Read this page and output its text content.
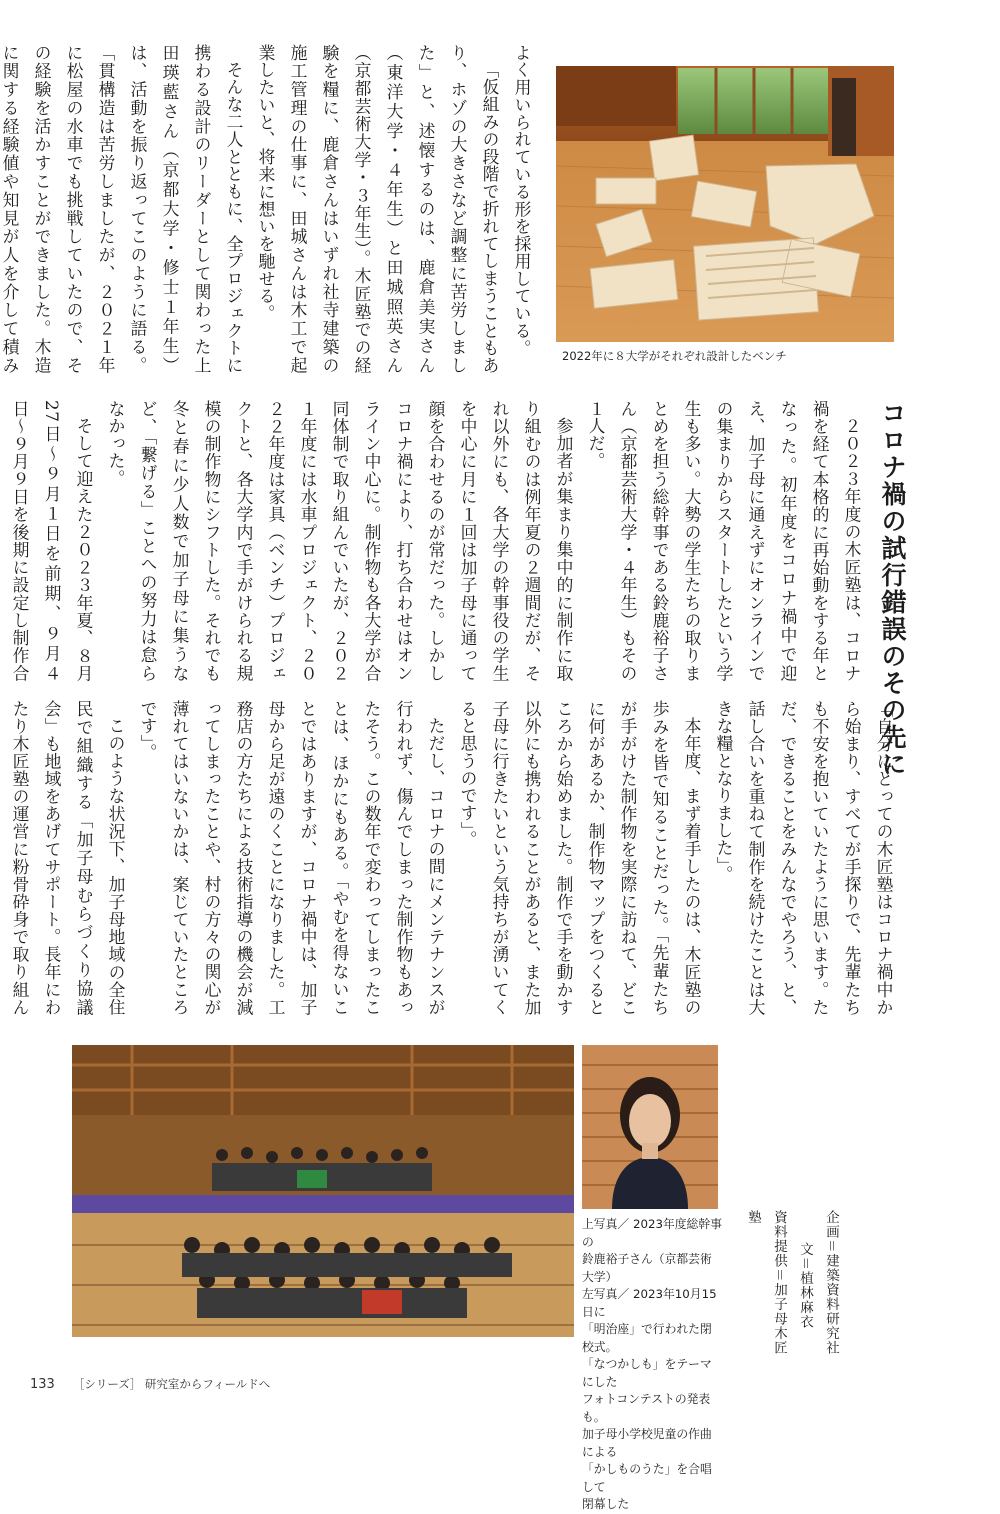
よく用いられている形を採用している。

「仮組みの段階で折れてしまうこともあり、ホゾの大きさなど調整に苦労しました」と、述懐するのは、鹿倉美実さん（東洋大学・４年生）と田城照英さん（京都芸術大学・３年生）。木匠塾での経験を糧に、鹿倉さんはいずれ社寺建築の施工管理の仕事に、田城さんは木工で起業したいと、将来に想いを馳せる。

そんな二人とともに、全プロジェクトに携わる設計のリーダーとして関わった上田瑛藍さん（京都大学・修士１年生）は、活動を振り返ってこのように語る。「貫構造は苦労しましたが、２０２１年に松屋の水車でも挑戦していたので、その経験を活かすことができました。木造に関する経験値や知見が人を介して積み

2022年に８大学がそれぞれ設計したベンチ
コロナ禍の試行錯誤のその先に

２０２３年度の木匠塾は、コロナ禍を経て本格的に再始動をする年となった。初年度をコロナ禍中で迎え、加子母に通えずにオンラインでの集まりからスタートしたという学生も多い。大勢の学生たちの取りまとめを担う総幹事である鈴鹿裕子さん（京都芸術大学・４年生）もその１人だ。

参加者が集まり集中的に制作に取り組むのは例年夏の２週間だが、それ以外にも、各大学の幹事役の学生を中心に月に１回は加子母に通って顔を合わせるのが常だった。しかしコロナ禍により、打ち合わせはオンライン中心に。制作物も各大学が合同体制で取り組んでいたが、２０２１年度には水車プロジェクト、２０２２年度は家具（ベンチ）プロジェクトと、各大学内で手がけられる規模の制作物にシフトした。それでも冬と春に少人数で加子母に集うなど、「繋げる」ことへの努力は怠らなかった。

そして迎えた２０２３年夏、８月27日〜９月１日を前期、９月４日〜９月９日を後期に設定し制作合

「自分にとっての木匠塾はコロナ禍中から始まり、すべてが手探りで、先輩たちも不安を抱いていたように思います。ただ、できることをみんなでやろう、と、話し合いを重ねて制作を続けたことは大きな糧となりました」。

本年度、まず着手したのは、木匠塾の歩みを皆で知ることだった。「先輩たちが手がけた制作物を実際に訪ねて、どこに何があるか、制作物マップをつくるところから始めました。制作で手を動かす以外にも携われることがあると、また加子母に行きたいという気持ちが湧いてくると思うのです」。

ただし、コロナの間にメンテナンスが行われず、傷んでしまった制作物もあったそう。この数年で変わってしまったことは、ほかにもある。「やむを得ないことではありますが、コロナ禍中は、加子母から足が遠のくことになりました。工務店の方たちによる技術指導の機会が減ってしまったことや、村の方々の関心が薄れてはいないかは、案じていたところです」。

このような状況下、加子母地域の全住民で組織する「加子母むらづくり協議会」も地域をあげてサポート。長年にわたり木匠塾の運営に粉骨砕身で取り組ん

上写真／ 2023年度総幹事の
鈴鹿裕子さん（京都芸術大学）
左写真／ 2023年10月15日に
「明治座」で行われた閉校式。
「なつかしも」をテーマにした
フォトコンテストの発表も。
加子母小学校児童の作曲による
「かしものうた」を合唱して
閉幕した
企画＝建築資料研究社
文＝植林麻衣
資料提供＝加子母木匠塾
133 ［シリーズ］ 研究室からフィールドへ
